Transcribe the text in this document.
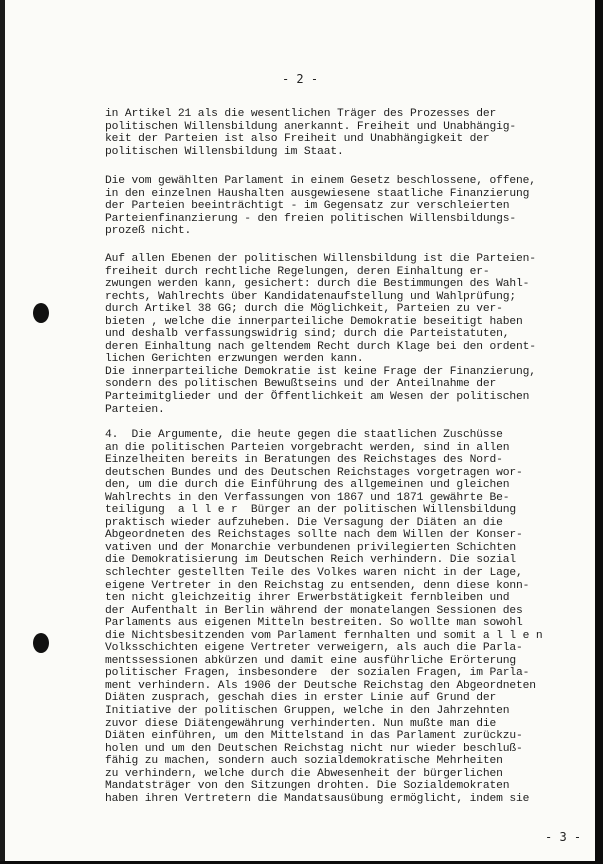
- 2 -

in Artikel 21 als die wesentlichen Träger des Prozesses der
politischen Willensbildung anerkannt. Freiheit und Unabhängig-
keit der Parteien ist also Freiheit und Unabhängigkeit der
politischen Willensbildung im Staat.

Die vom gewählten Parlament in einem Gesetz beschlossene, offene,
in den einzelnen Haushalten ausgewiesene staatliche Finanzierung
der Parteien beeinträchtigt - im Gegensatz zur verschleierten
Parteienfinanzierung - den freien politischen Willensbildungs-
prozeß nicht.

Auf allen Ebenen der politischen Willensbildung ist die Parteien-
freiheit durch rechtliche Regelungen, deren Einhaltung er-
zwungen werden kann, gesichert: durch die Bestimmungen des Wahl-
rechts, Wahlrechts über Kandidatenaufstellung und Wahlprüfung;
durch Artikel 38 GG; durch die Möglichkeit, Parteien zu ver-
bieten , welche die innerparteiliche Demokratie beseitigt haben
und deshalb verfassungswidrig sind; durch die Parteistatuten,
deren Einhaltung nach geltendem Recht durch Klage bei den ordent-
lichen Gerichten erzwungen werden kann.
Die innerparteiliche Demokratie ist keine Frage der Finanzierung,
sondern des politischen Bewußtseins und der Anteilnahme der
Parteimitglieder und der Öffentlichkeit am Wesen der politischen
Parteien.

4.  Die Argumente, die heute gegen die staatlichen Zuschüsse
an die politischen Parteien vorgebracht werden, sind in allen
Einzelheiten bereits in Beratungen des Reichstages des Nord-
deutschen Bundes und des Deutschen Reichstages vorgetragen wor-
den, um die durch die Einführung des allgemeinen und gleichen
Wahlrechts in den Verfassungen von 1867 und 1871 gewährte Be-
teiligung  a l l e r  Bürger an der politischen Willensbildung
praktisch wieder aufzuheben. Die Versagung der Diäten an die
Abgeordneten des Reichstages sollte nach dem Willen der Konser-
vativen und der Monarchie verbundenen privilegierten Schichten
die Demokratisierung im Deutschen Reich verhindern. Die sozial
schlechter gestellten Teile des Volkes waren nicht in der Lage,
eigene Vertreter in den Reichstag zu entsenden, denn diese konn-
ten nicht gleichzeitig ihrer Erwerbstätigkeit fernbleiben und
der Aufenthalt in Berlin während der monatelangen Sessionen des
Parlaments aus eigenen Mitteln bestreiten. So wollte man sowohl
die Nichtsbesitzenden vom Parlament fernhalten und somit a l l e n
Volksschichten eigene Vertreter verweigern, als auch die Parla-
mentssessionen abkürzen und damit eine ausführliche Erörterung
politischer Fragen, insbesondere  der sozialen Fragen, im Parla-
ment verhindern. Als 1906 der Deutsche Reichstag den Abgeordneten
Diäten zusprach, geschah dies in erster Linie auf Grund der
Initiative der politischen Gruppen, welche in den Jahrzehnten
zuvor diese Diätengewährung verhinderten. Nun mußte man die
Diäten einführen, um den Mittelstand in das Parlament zurückzu-
holen und um den Deutschen Reichstag nicht nur wieder beschluß-
fähig zu machen, sondern auch sozialdemokratische Mehrheiten
zu verhindern, welche durch die Abwesenheit der bürgerlichen
Mandatsträger von den Sitzungen drohten. Die Sozialdemokraten
haben ihren Vertretern die Mandatsausübung ermöglicht, indem sie

- 3 -
